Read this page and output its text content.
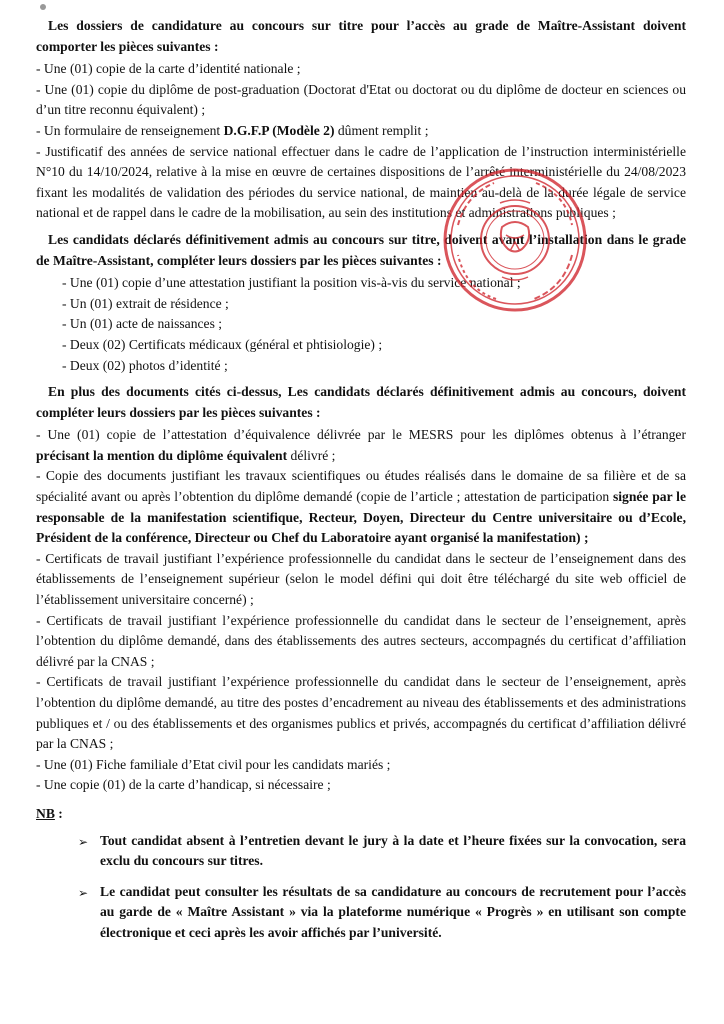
Les dossiers de candidature au concours sur titre pour l’accès au grade de Maître-Assistant doivent comporter les pièces suivantes :

- Une (01) copie de la carte d’identité nationale ;

- Une (01) copie du diplôme de post-graduation (Doctorat d'Etat ou doctorat ou du diplôme de docteur en sciences ou d’un titre reconnu équivalent) ;

- Un formulaire de renseignement D.G.F.P (Modèle 2) dûment remplit ;

- Justificatif des années de service national effectuer dans le cadre de l’application de l’instruction interministérielle N°10 du 14/10/2024, relative à la mise en œuvre de certaines dispositions de l’arrêté interministérielle du 24/08/2023 fixant les modalités de validation des périodes du service national, de maintien au-delà de la durée légale de service national et de rappel dans le cadre de la mobilisation, au sein des institutions et administrations publiques ;

Les candidats déclarés définitivement admis au concours sur titre, doivent avant l’installation dans le grade de Maître-Assistant, compléter leurs dossiers par les pièces suivantes :

- Une (01) copie d’une attestation justifiant la position vis-à-vis du service national ;

- Un (01) extrait de résidence ;

- Un (01) acte de naissances ;

- Deux (02) Certificats médicaux (général et phtisiologie) ;

- Deux (02) photos d’identité ;

En plus des documents cités ci-dessus, Les candidats déclarés définitivement admis au concours, doivent compléter leurs dossiers par les pièces suivantes :

- Une (01) copie de l’attestation d’équivalence délivrée par le MESRS pour les diplômes obtenus à l’étranger précisant la mention du diplôme équivalent délivré ;

- Copie des documents justifiant les travaux scientifiques ou études réalisés dans le domaine de sa filière et de sa spécialité avant ou après l’obtention du diplôme demandé (copie de l’article ; attestation de participation signée par le responsable de la manifestation scientifique, Recteur, Doyen, Directeur du Centre universitaire ou d’Ecole, Président de la conférence, Directeur ou Chef du Laboratoire ayant organisé la manifestation) ;

- Certificats de travail justifiant l’expérience professionnelle du candidat dans le secteur de l’enseignement dans des établissements de l’enseignement supérieur (selon le model défini qui doit être téléchargé du site web officiel de l’établissement universitaire concerné) ;

- Certificats de travail justifiant l’expérience professionnelle du candidat dans le secteur de l’enseignement, après l’obtention du diplôme demandé, dans des établissements des autres secteurs, accompagnés du certificat d’affiliation délivré par la CNAS ;

- Certificats de travail justifiant l’expérience professionnelle du candidat dans le secteur de l’enseignement, après l’obtention du diplôme demandé, au titre des postes d’encadrement au niveau des établissements et des administrations publiques et / ou des établissements et des organismes publics et privés, accompagnés du certificat d’affiliation délivré par la CNAS ;

- Une (01) Fiche familiale d’Etat civil pour les candidats mariés ;

- Une copie (01) de la carte d’handicap, si nécessaire ;

NB :

➢ Tout candidat absent à l’entretien devant le jury à la date et l’heure fixées sur la convocation, sera exclu du concours sur titres.
➢ Le candidat peut consulter les résultats de sa candidature au concours de recrutement pour l’accès au garde de « Maître Assistant » via la plateforme numérique « Progrès » en utilisant son compte électronique et ceci après les avoir affichés par l’université.
